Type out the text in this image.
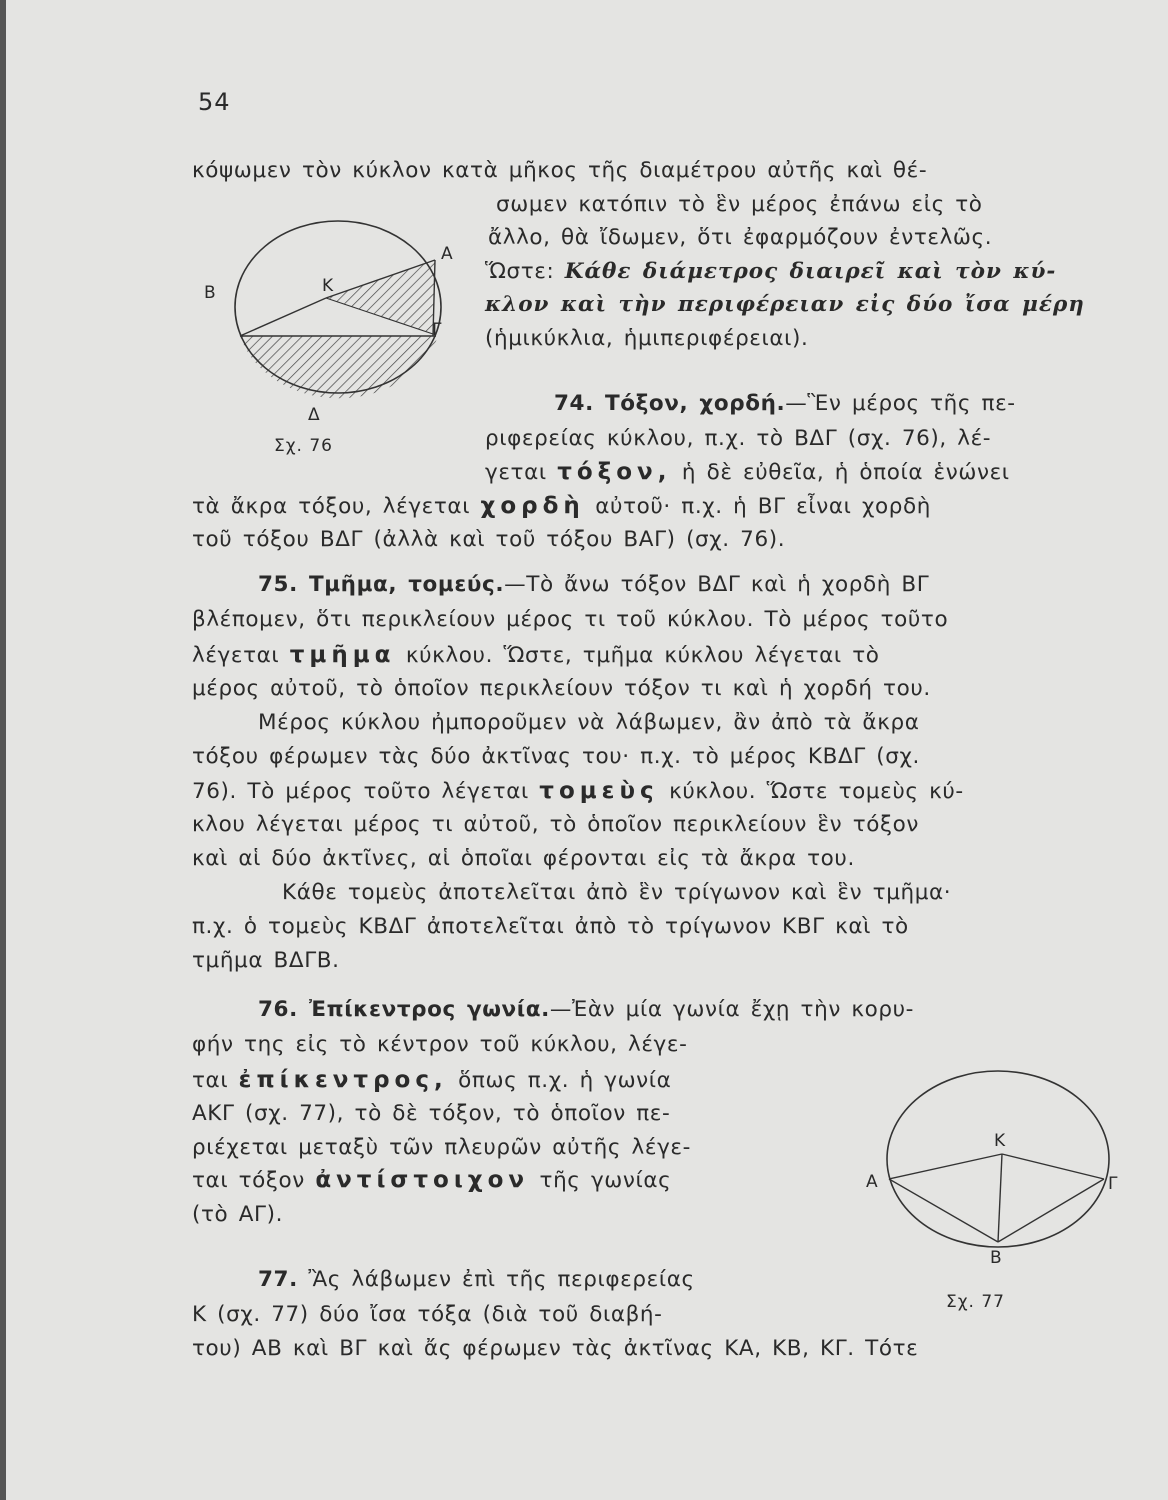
54
Α
Β	Κ
Γ
Δ
Σχ. 76
Κ
Α	Γ
Β
Σχ. 77
κόψωμεν τὸν κύκλον κατὰ μῆκος τῆς διαμέτρου αὐτῆς καὶ θέ-
σωμεν κατόπιν τὸ ἓν μέρος ἐπάνω εἰς τὸ
ἄλλο, θὰ ἴδωμεν, ὅτι ἐφαρμόζουν ἐντελῶς.
Ὥστε: Κάθε διάμετρος διαιρεῖ καὶ τὸν κύ-
κλον καὶ τὴν περιφέρειαν εἰς δύο ἴσα μέρη
(ἡμικύκλια, ἡμιπεριφέρειαι).
74. Τόξον, χορδή.—Ἓν μέρος τῆς πε-
ριφερείας κύκλου, π.χ. τὸ ΒΔΓ (σχ. 76), λέ-
γεται τόξον, ἡ δὲ εὐθεῖα, ἡ ὁποία ἑνώνει
τὰ ἄκρα τόξου, λέγεται χορδὴ αὐτοῦ· π.χ. ἡ ΒΓ εἶναι χορδὴ
τοῦ τόξου ΒΔΓ (ἀλλὰ καὶ τοῦ τόξου ΒΑΓ) (σχ. 76).
75. Τμῆμα, τομεύς.—Τὸ ἄνω τόξον ΒΔΓ καὶ ἡ χορδὴ ΒΓ
βλέπομεν, ὅτι περικλείουν μέρος τι τοῦ κύκλου. Τὸ μέρος τοῦτο
λέγεται τμῆμα κύκλου. Ὥστε, τμῆμα κύκλου λέγεται τὸ
μέρος αὐτοῦ, τὸ ὁποῖον περικλείουν τόξον τι καὶ ἡ χορδή του.
Μέρος κύκλου ἠμποροῦμεν νὰ λάβωμεν, ἂν ἀπὸ τὰ ἄκρα
τόξου φέρωμεν τὰς δύο ἀκτῖνας του· π.χ. τὸ μέρος ΚΒΔΓ (σχ.
76). Τὸ μέρος τοῦτο λέγεται τομεὺς κύκλου. Ὥστε τομεὺς κύ-
κλου λέγεται μέρος τι αὐτοῦ, τὸ ὁποῖον περικλείουν ἓν τόξον
καὶ αἱ δύο ἀκτῖνες, αἱ ὁποῖαι φέρονται εἰς τὰ ἄκρα του.
Κάθε τομεὺς ἀποτελεῖται ἀπὸ ἓν τρίγωνον καὶ ἓν τμῆμα·
π.χ. ὁ τομεὺς ΚΒΔΓ ἀποτελεῖται ἀπὸ τὸ τρίγωνον ΚΒΓ καὶ τὸ
τμῆμα ΒΔΓΒ.
76. Ἐπίκεντρος γωνία.—Ἐὰν μία γωνία ἔχῃ τὴν κορυ-
φήν της εἰς τὸ κέντρον τοῦ κύκλου, λέγε-
ται ἐπίκεντρος, ὅπως π.χ. ἡ γωνία
ΑΚΓ (σχ. 77), τὸ δὲ τόξον, τὸ ὁποῖον πε-
ριέχεται μεταξὺ τῶν πλευρῶν αὐτῆς λέγε-
ται τόξον ἀντίστοιχον τῆς γωνίας
(τὸ ΑΓ).
77. Ἂς λάβωμεν ἐπὶ τῆς περιφερείας
Κ (σχ. 77) δύο ἴσα τόξα (διὰ τοῦ διαβή-
του) ΑΒ καὶ ΒΓ καὶ ἄς φέρωμεν τὰς ἀκτῖνας ΚΑ, ΚΒ, ΚΓ. Τότε
